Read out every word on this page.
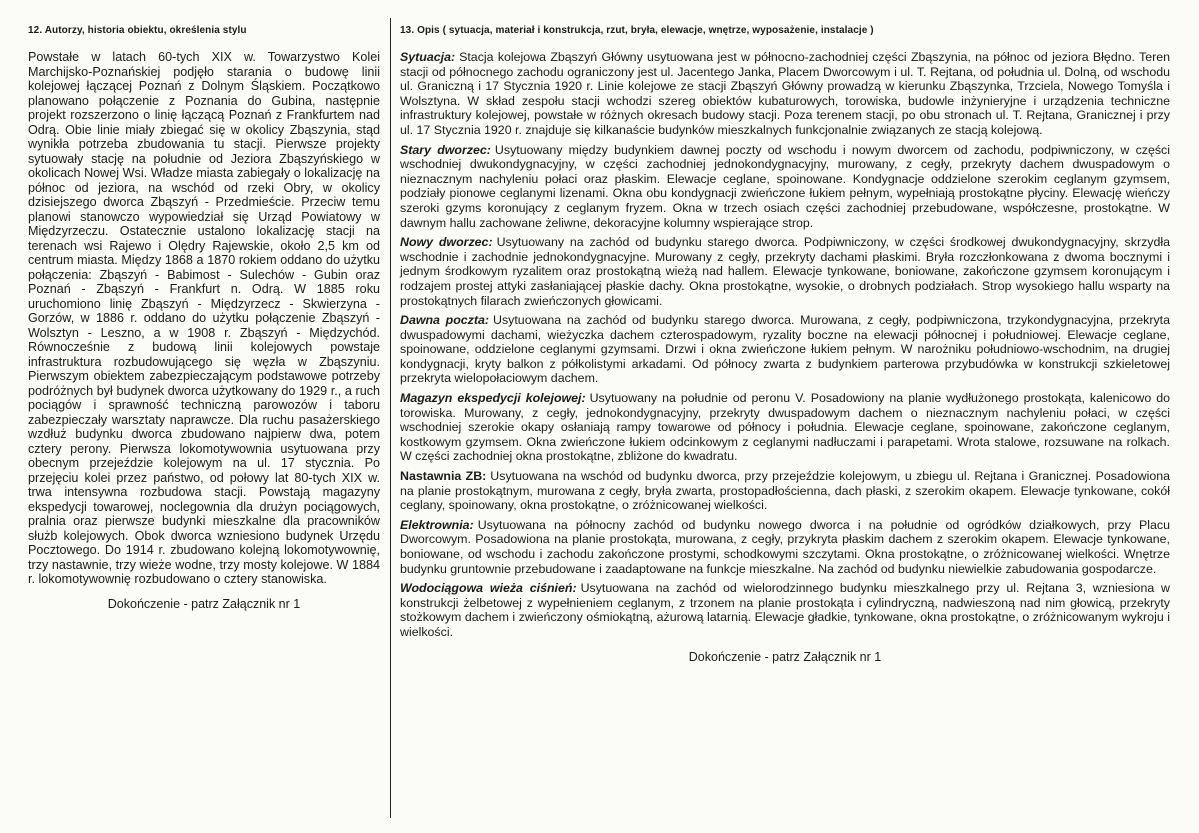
12. Autorzy, historia obiektu, określenia stylu

Powstałe w latach 60-tych XIX w. Towarzystwo Kolei Marchijsko-Poznańskiej podjęło starania o budowę linii kolejowej łączącej Poznań z Dolnym Śląskiem. Początkowo planowano połączenie z Poznania do Gubina, następnie projekt rozszerzono o linię łączącą Poznań z Frankfurtem nad Odrą. Obie linie miały zbiegać się w okolicy Zbąszynia, stąd wynikła potrzeba zbudowania tu stacji. Pierwsze projekty sytuowały stację na południe od Jeziora Zbąszyńskiego w okolicach Nowej Wsi. Władze miasta zabiegały o lokalizację na północ od jeziora, na wschód od rzeki Obry, w okolicy dzisiejszego dworca Zbąszyń - Przedmieście. Przeciw temu planowi stanowczo wypowiedział się Urząd Powiatowy w Międzyrzeczu. Ostatecznie ustalono lokalizację stacji na terenach wsi Rajewo i Olędry Rajewskie, około 2,5 km od centrum miasta. Między 1868 a 1870 rokiem oddano do użytku połączenia: Zbąszyń - Babimost - Sulechów - Gubin oraz Poznań - Zbąszyń - Frankfurt n. Odrą. W 1885 roku uruchomiono linię Zbąszyń - Międzyrzecz - Skwierzyna - Gorzów, w 1886 r. oddano do użytku połączenie Zbąszyń - Wolsztyn - Leszno, a w 1908 r. Zbąszyń - Międzychód. Równocześnie z budową linii kolejowych powstaje infrastruktura rozbudowującego się węzła w Zbąszyniu. Pierwszym obiektem zabezpieczającym podstawowe potrzeby podróżnych był budynek dworca użytkowany do 1929 r., a ruch pociągów i sprawność techniczną parowozów i taboru zabezpieczały warsztaty naprawcze. Dla ruchu pasażerskiego wzdłuż budynku dworca zbudowano najpierw dwa, potem cztery perony. Pierwsza lokomotywownia usytuowana przy obecnym przejeździe kolejowym na ul. 17 stycznia. Po przejęciu kolei przez państwo, od połowy lat 80-tych XIX w. trwa intensywna rozbudowa stacji. Powstają magazyny ekspedycji towarowej, noclegownia dla drużyn pociągowych, pralnia oraz pierwsze budynki mieszkalne dla pracowników służb kolejowych. Obok dworca wzniesiono budynek Urzędu Pocztowego. Do 1914 r. zbudowano kolejną lokomotywownię, trzy nastawnie, trzy wieże wodne, trzy mosty kolejowe. W 1884 r. lokomotywownię rozbudowano o cztery stanowiska.

Dokończenie - patrz Załącznik nr 1
13. Opis ( sytuacja, materiał i konstrukcja, rzut, bryła, elewacje, wnętrze, wyposażenie, instalacje )

Sytuacja: Stacja kolejowa Zbąszyń Główny usytuowana jest w północno-zachodniej części Zbąszynia, na północ od jeziora Błędno. Teren stacji od północnego zachodu ograniczony jest ul. Jacentego Janka, Placem Dworcowym i ul. T. Rejtana, od południa ul. Dolną, od wschodu ul. Graniczną i 17 Stycznia 1920 r. Linie kolejowe ze stacji Zbąszyń Główny prowadzą w kierunku Zbąszynka, Trzciela, Nowego Tomyśla i Wolsztyna. W skład zespołu stacji wchodzi szereg obiektów kubaturowych, torowiska, budowle inżynieryjne i urządzenia techniczne infrastruktury kolejowej, powstałe w różnych okresach budowy stacji. Poza terenem stacji, po obu stronach ul. T. Rejtana, Granicznej i przy ul. 17 Stycznia 1920 r. znajduje się kilkanaście budynków mieszkalnych funkcjonalnie związanych ze stacją kolejową.

Stary dworzec: Usytuowany między budynkiem dawnej poczty od wschodu i nowym dworcem od zachodu, podpiwniczony, w części wschodniej dwukondygnacyjny, w części zachodniej jednokondygnacyjny, murowany, z cegły, przekryty dachem dwuspadowym o nieznacznym nachyleniu połaci oraz płaskim. Elewacje ceglane, spoinowane. Kondygnacje oddzielone szerokim ceglanym gzymsem, podziały pionowe ceglanymi lizenami. Okna obu kondygnacji zwieńczone łukiem pełnym, wypełniają prostokątne płyciny. Elewację wieńczy szeroki gzyms koronujący z ceglanym fryzem. Okna w trzech osiach części zachodniej przebudowane, współczesne, prostokątne. W dawnym hallu zachowane żeliwne, dekoracyjne kolumny wspierające strop.

Nowy dworzec: Usytuowany na zachód od budynku starego dworca. Podpiwniczony, w części środkowej dwukondygnacyjny, skrzydła wschodnie i zachodnie jednokondygnacyjne. Murowany z cegły, przekryty dachami płaskimi. Bryła rozczłonkowana z dwoma bocznymi i jednym środkowym ryzalitem oraz prostokątną wieżą nad hallem. Elewacje tynkowane, boniowane, zakończone gzymsem koronującym i rodzajem prostej attyki zasłaniającej płaskie dachy. Okna prostokątne, wysokie, o drobnych podziałach. Strop wysokiego hallu wsparty na prostokątnych filarach zwieńczonych głowicami.

Dawna poczta: Usytuowana na zachód od budynku starego dworca. Murowana, z cegły, podpiwniczona, trzykondygnacyjna, przekryta dwuspadowymi dachami, wieżyczka dachem czterospadowym, ryzality boczne na elewacji północnej i południowej. Elewacje ceglane, spoinowane, oddzielone ceglanymi gzymsami. Drzwi i okna zwieńczone łukiem pełnym. W narożniku południowo-wschodnim, na drugiej kondygnacji, kryty balkon z półkolistymi arkadami. Od północy zwarta z budynkiem parterowa przybudówka w konstrukcji szkieletowej przekryta wielopołaciowym dachem.

Magazyn ekspedycji kolejowej: Usytuowany na południe od peronu V. Posadowiony na planie wydłużonego prostokąta, kalenicowo do torowiska. Murowany, z cegły, jednokondygnacyjny, przekryty dwuspadowym dachem o nieznacznym nachyleniu połaci, w części wschodniej szerokie okapy osłaniają rampy towarowe od północy i południa. Elewacje ceglane, spoinowane, zakończone ceglanym, kostkowym gzymsem. Okna zwieńczone łukiem odcinkowym z ceglanymi nadłuczami i parapetami. Wrota stalowe, rozsuwane na rolkach. W części zachodniej okna prostokątne, zbliżone do kwadratu.

Nastawnia ZB: Usytuowana na wschód od budynku dworca, przy przejeździe kolejowym, u zbiegu ul. Rejtana i Granicznej. Posadowiona na planie prostokątnym, murowana z cegły, bryła zwarta, prostopadłościenna, dach płaski, z szerokim okapem. Elewacje tynkowane, cokół ceglany, spoinowany, okna prostokątne, o zróżnicowanej wielkości.

Elektrownia: Usytuowana na północny zachód od budynku nowego dworca i na południe od ogródków działkowych, przy Placu Dworcowym. Posadowiona na planie prostokąta, murowana, z cegły, przykryta płaskim dachem z szerokim okapem. Elewacje tynkowane, boniowane, od wschodu i zachodu zakończone prostymi, schodkowymi szczytami. Okna prostokątne, o zróżnicowanej wielkości. Wnętrze budynku gruntownie przebudowane i zaadaptowane na funkcje mieszkalne. Na zachód od budynku niewielkie zabudowania gospodarcze.

Wodociągowa wieża ciśnień: Usytuowana na zachód od wielorodzinnego budynku mieszkalnego przy ul. Rejtana 3, wzniesiona w konstrukcji żelbetowej z wypełnieniem ceglanym, z trzonem na planie prostokąta i cylindryczną, nadwieszoną nad nim głowicą, przekryty stożkowym dachem i zwieńczony ośmiokątną, ażurową latarnią. Elewacje gładkie, tynkowane, okna prostokątne, o zróżnicowanym wykroju i wielkości.

Dokończenie - patrz Załącznik nr 1
